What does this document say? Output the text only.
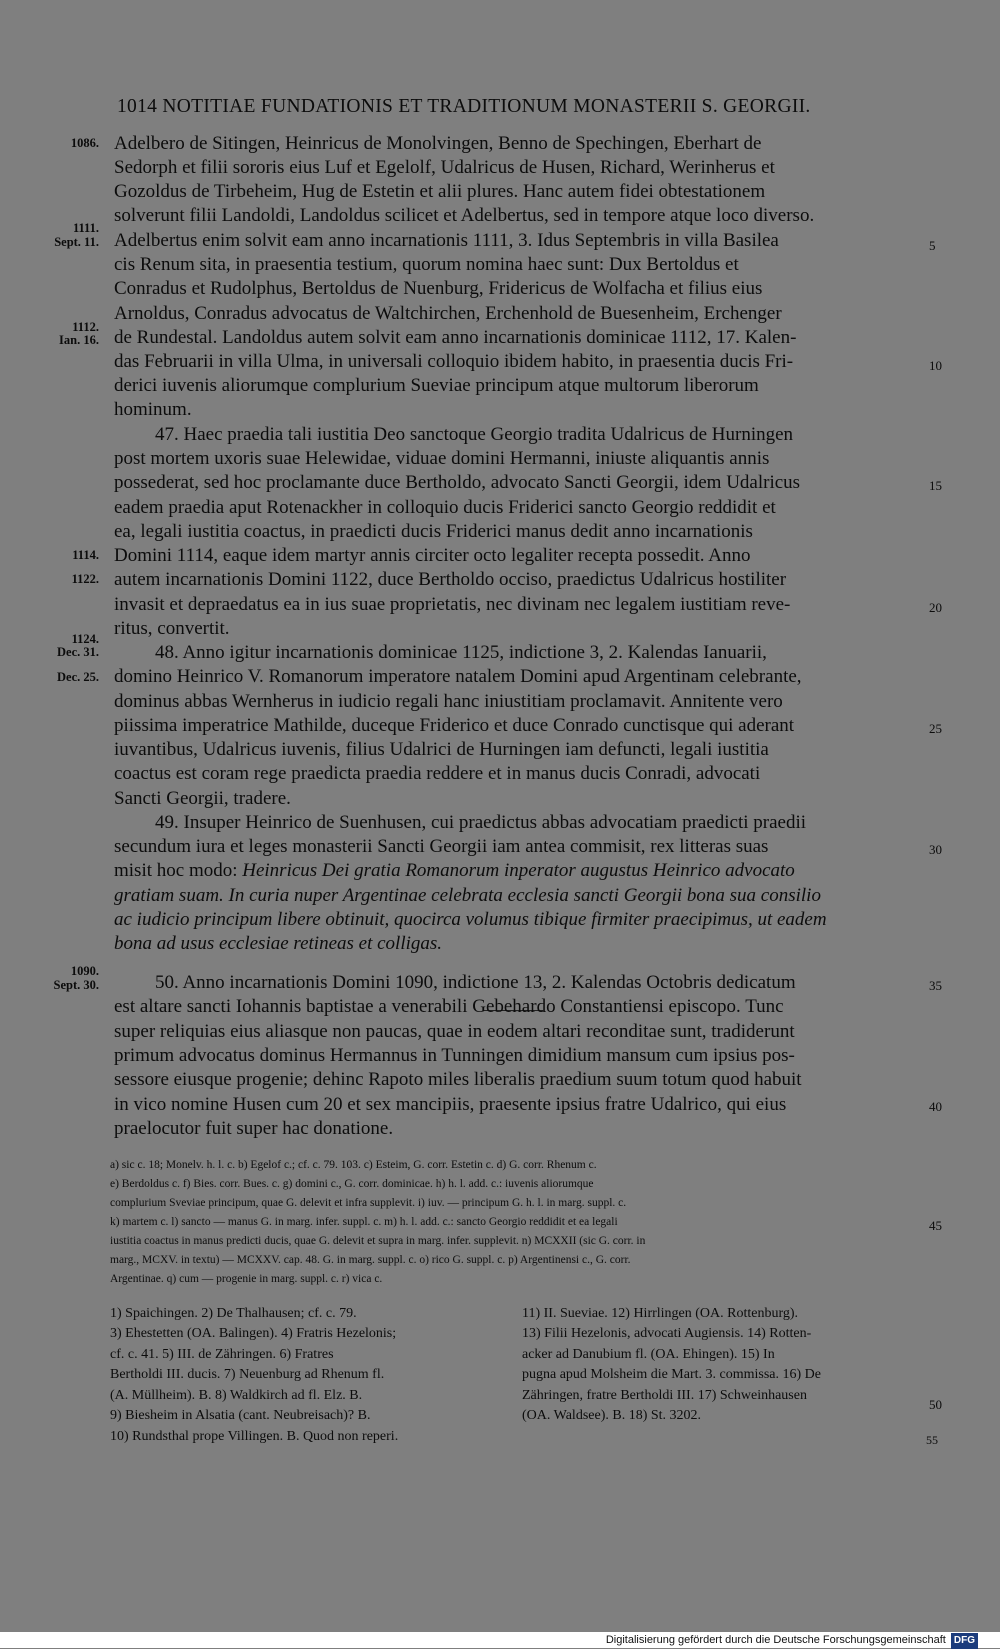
1014 NOTITIAE FUNDATIONIS ET TRADITIONUM MONASTERII S. GEORGII.
Adelbero de Sitingen, Heinricus de Monolvingen, Benno de Spechingen, Eberhart de
Sedorph et filii sororis eius Luf et Egelolf, Udalricus de Husen, Richard, Werinherus et
Gozoldus de Tirbeheim, Hug de Estetin et alii plures. Hanc autem fidei obtestationem
solverunt filii Landoldi, Landoldus scilicet et Adelbertus, sed in tempore atque loco diverso.
Adelbertus enim solvit eam anno incarnationis 1111, 3. Idus Septembris in villa Basilea
cis Renum sita, in praesentia testium, quorum nomina haec sunt: Dux Bertoldus et
Conradus et Rudolphus, Bertoldus de Nuenburg, Fridericus de Wolfacha et filius eius
Arnoldus, Conradus advocatus de Waltchirchen, Erchenhold de Buesenheim, Erchenger
de Rundestal. Landoldus autem solvit eam anno incarnationis dominicae 1112, 17. Kalen-
das Februarii in villa Ulma, in universali colloquio ibidem habito, in praesentia ducis Fri-
derici iuvenis aliorumque complurium Sueviae principum atque multorum liberorum
hominum.
47. Haec praedia tali iustitia Deo sanctoque Georgio tradita Udalricus de Hurningen
post mortem uxoris suae Helewidae, viduae domini Hermanni, iniuste aliquantis annis
possederat, sed hoc proclamante duce Bertholdo, advocato Sancti Georgii, idem Udalricus
eadem praedia aput Rotenackher in colloquio ducis Friderici sancto Georgio reddidit et
ea, legali iustitia coactus, in praedicti ducis Friderici manus dedit anno incarnationis
Domini 1114, eaque idem martyr annis circiter octo legaliter recepta possedit. Anno
autem incarnationis Domini 1122, duce Bertholdo occiso, praedictus Udalricus hostiliter
invasit et depraedatus ea in ius suae proprietatis, nec divinam nec legalem iustitiam reve-
ritus, convertit.
48. Anno igitur incarnationis dominicae 1125, indictione 3, 2. Kalendas Ianuarii,
domino Heinrico V. Romanorum imperatore natalem Domini apud Argentinam celebrante,
dominus abbas Wernherus in iudicio regali hanc iniustitiam proclamavit. Annitente vero
piissima imperatrice Mathilde, duceque Friderico et duce Conrado cunctisque qui aderant
iuvantibus, Udalricus iuvenis, filius Udalrici de Hurningen iam defuncti, legali iustitia
coactus est coram rege praedicta praedia reddere et in manus ducis Conradi, advocati
Sancti Georgii, tradere.
49. Insuper Heinrico de Suenhusen, cui praedictus abbas advocatiam praedicti praedii
secundum iura et leges monasterii Sancti Georgii iam antea commisit, rex litteras suas
misit hoc modo: Heinricus Dei gratia Romanorum inperator augustus Heinrico advocato
gratiam suam. In curia nuper Argentinae celebrata ecclesia sancti Georgii bona sua consilio
ac iudicio principum libere obtinuit, quocirca volumus tibique firmiter praecipimus, ut eadem
bona ad usus ecclesiae retineas et colligas.
50. Anno incarnationis Domini 1090, indictione 13, 2. Kalendas Octobris dedicatum
est altare sancti Iohannis baptistae a venerabili Gebehardo Constantiensi episcopo. Tunc
super reliquias eius aliasque non paucas, quae in eodem altari reconditae sunt, tradiderunt
primum advocatus dominus Hermannus in Tunningen dimidium mansum cum ipsius pos-
sessore eiusque progenie; dehinc Rapoto miles liberalis praedium suum totum quod habuit
in vico nomine Husen cum 20 et sex mancipiis, praesente ipsius fratre Udalrico, qui eius
praelocutor fuit super hac donatione.
1086.
1111.
Sept. 11.
1112.
Ian. 16.
1114.
1122.
1124.
Dec. 31.
Dec. 25.
1090.
Sept. 30.
5
10
15
20
25
30
35
40
45
50
a) sic c. 18; Monelv. h. l. c. b) Egelof c.; cf. c. 79. 103. c) Esteim, G. corr. Estetin c. d) G. corr. Rhenum c.
e) Berdoldus c. f) Bies. corr. Bues. c. g) domini c., G. corr. dominicae. h) h. l. add. c.: iuvenis aliorumque
complurium Sveviae principum, quae G. delevit et infra supplevit. i) iuv. — principum G. h. l. in marg. suppl. c.
k) martem c. l) sancto — manus G. in marg. infer. suppl. c. m) h. l. add. c.: sancto Georgio reddidit et ea legali
iustitia coactus in manus predicti ducis, quae G. delevit et supra in marg. infer. supplevit. n) MCXXII (sic G. corr. in
marg., MCXV. in textu) — MCXXV. cap. 48. G. in marg. suppl. c. o) rico G. suppl. c. p) Argentinensi c., G. corr.
Argentinae. q) cum — progenie in marg. suppl. c. r) vica c.
1) Spaichingen. 2) De Thalhausen; cf. c. 79.
3) Ehestetten (OA. Balingen). 4) Fratris Hezelonis;
cf. c. 41. 5) III. de Zähringen. 6) Fratres
Bertholdi III. ducis. 7) Neuenburg ad Rhenum fl.
(A. Müllheim). B. 8) Waldkirch ad fl. Elz. B.
9) Biesheim in Alsatia (cant. Neubreisach)? B.
10) Rundsthal prope Villingen. B. Quod non reperi.
11) II. Sueviae. 12) Hirrlingen (OA. Rottenburg).
13) Filii Hezelonis, advocati Augiensis. 14) Rotten-
acker ad Danubium fl. (OA. Ehingen). 15) In
pugna apud Molsheim die Mart. 3. commissa. 16) De
Zähringen, fratre Bertholdi III. 17) Schweinhausen
(OA. Waldsee). B. 18) St. 3202.
55
Digitalisierung gefördert durch die Deutsche Forschungsgemeinschaft DFG
